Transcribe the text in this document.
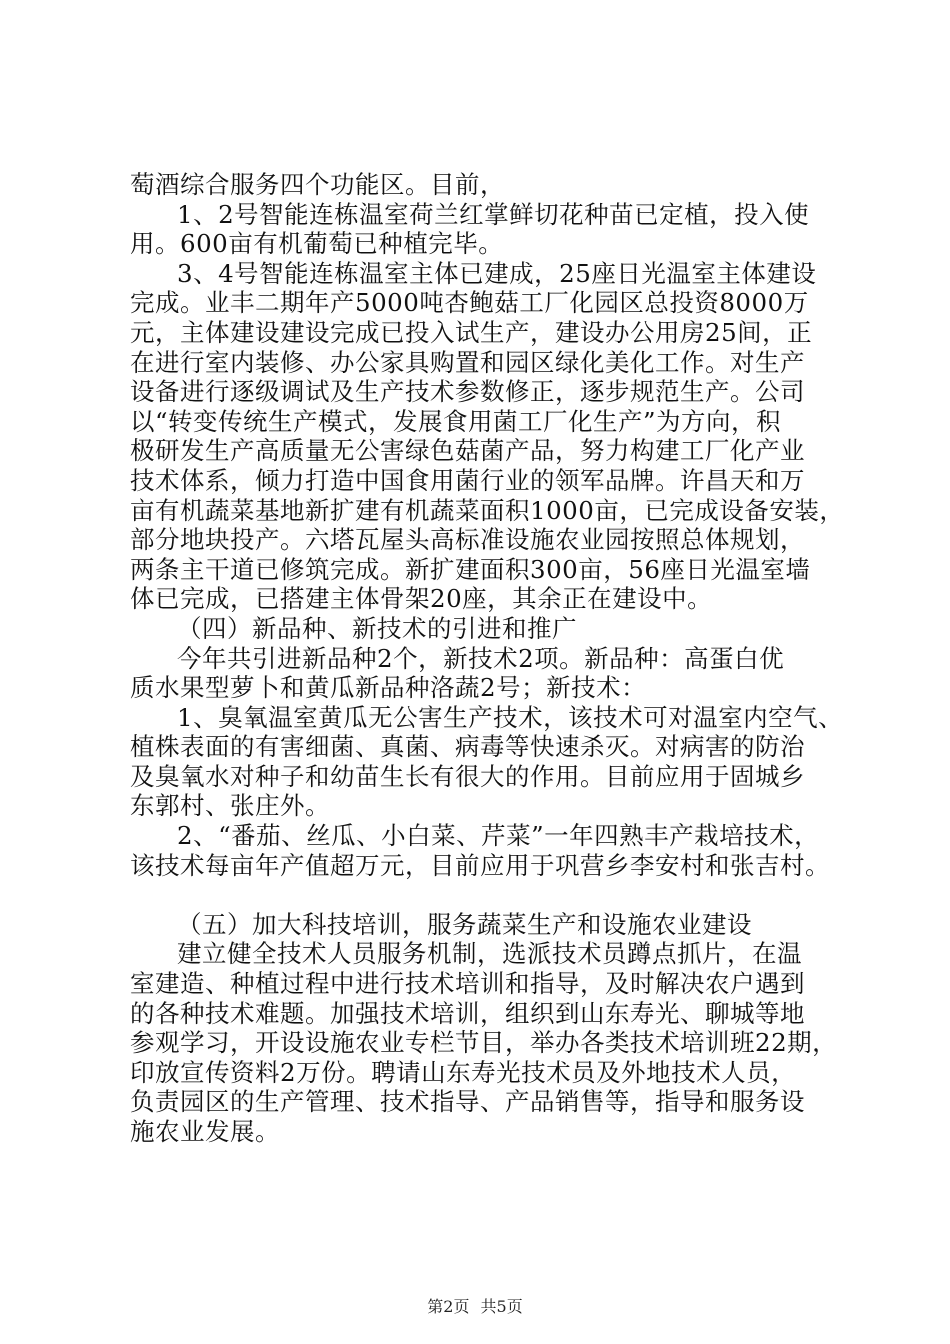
萄酒综合服务四个功能区。目前，
1、2号智能连栋温室荷兰红掌鲜切花种苗已定植，投入使
用。600亩有机葡萄已种植完毕。
3、4号智能连栋温室主体已建成，25座日光温室主体建设
完成。业丰二期年产5000吨杏鲍菇工厂化园区总投资8000万
元，主体建设建设完成已投入试生产，建设办公用房25间，正
在进行室内装修、办公家具购置和园区绿化美化工作。对生产
设备进行逐级调试及生产技术参数修正，逐步规范生产。公司
以“转变传统生产模式，发展食用菌工厂化生产”为方向，积
极研发生产高质量无公害绿色菇菌产品，努力构建工厂化产业
技术体系，倾力打造中国食用菌行业的领军品牌。许昌天和万
亩有机蔬菜基地新扩建有机蔬菜面积1000亩，已完成设备安装，
部分地块投产。六塔瓦屋头高标准设施农业园按照总体规划，
两条主干道已修筑完成。新扩建面积300亩，56座日光温室墙
体已完成，已搭建主体骨架20座，其余正在建设中。
（四）新品种、新技术的引进和推广
今年共引进新品种2个，新技术2项。新品种：高蛋白优
质水果型萝卜和黄瓜新品种洛蔬2号；新技术：
1、臭氧温室黄瓜无公害生产技术，该技术可对温室内空气、
植株表面的有害细菌、真菌、病毒等快速杀灭。对病害的防治
及臭氧水对种子和幼苗生长有很大的作用。目前应用于固城乡
东郭村、张庄外。
2、“番茄、丝瓜、小白菜、芹菜”一年四熟丰产栽培技术，
该技术每亩年产值超万元，目前应用于巩营乡李安村和张吉村。
（五）加大科技培训，服务蔬菜生产和设施农业建设
建立健全技术人员服务机制，选派技术员蹲点抓片，在温
室建造、种植过程中进行技术培训和指导，及时解决农户遇到
的各种技术难题。加强技术培训，组织到山东寿光、聊城等地
参观学习，开设设施农业专栏节目，举办各类技术培训班22期，
印放宣传资料2万份。聘请山东寿光技术员及外地技术人员，
负责园区的生产管理、技术指导、产品销售等，指导和服务设
施农业发展。
第2页 共5页
